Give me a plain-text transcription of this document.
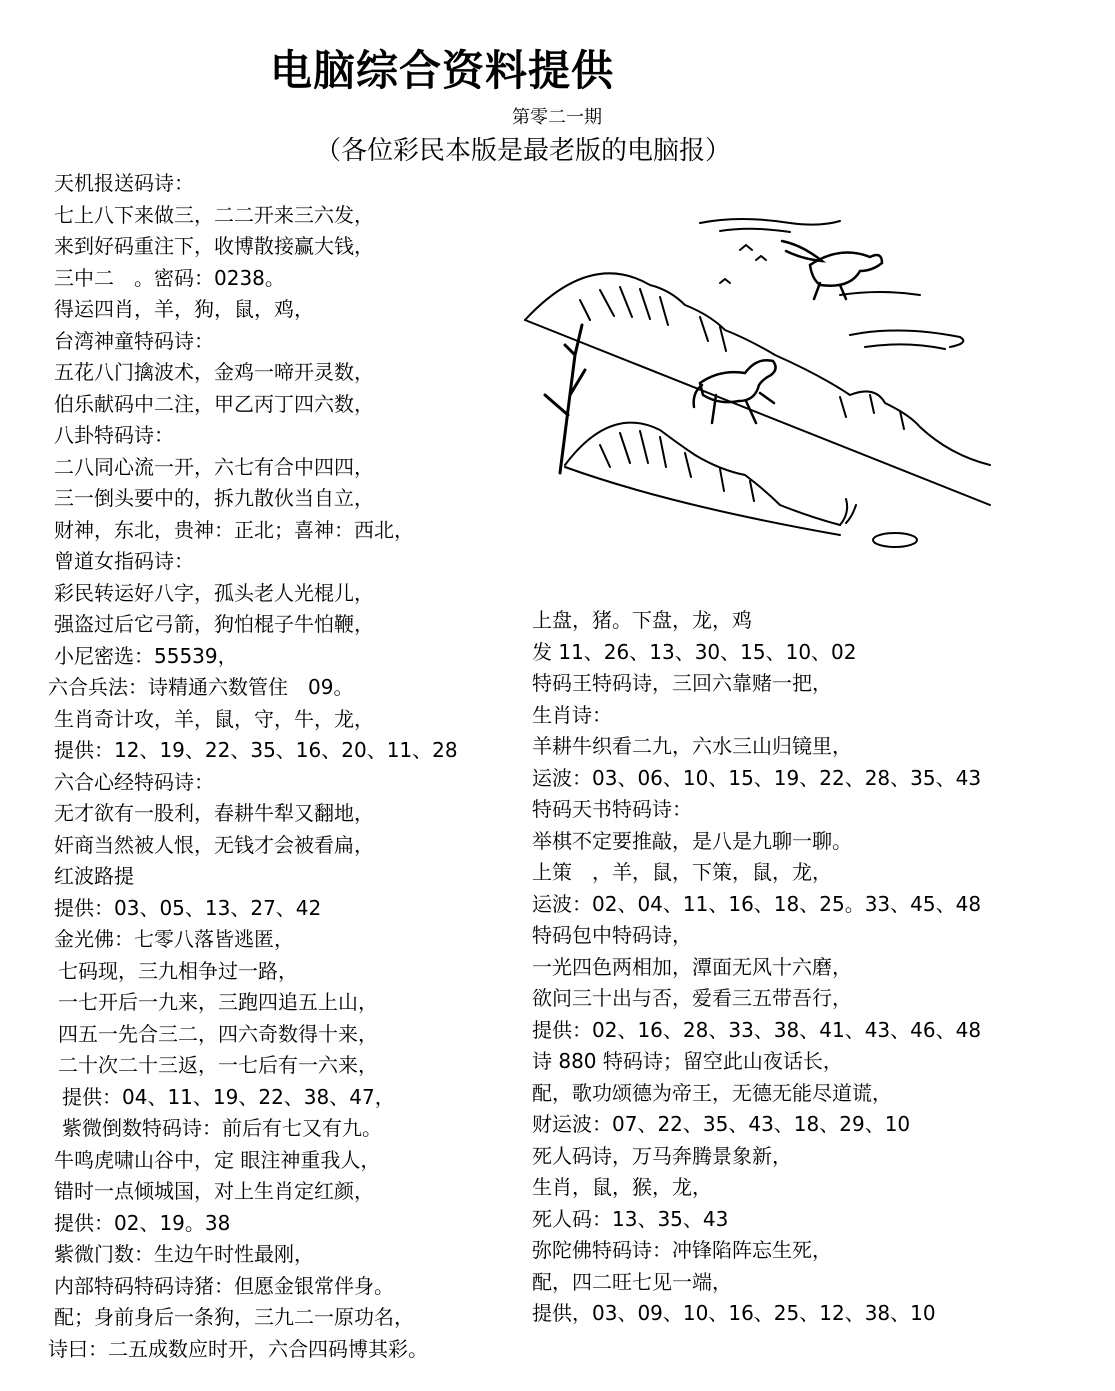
电脑综合资料提供
第零二一期
（各位彩民本版是最老版的电脑报）
天机报送码诗：
七上八下来做三，二二开来三六发，
来到好码重注下，收博散接赢大钱，
三中二　。密码：0238。
得运四肖，羊，狗，鼠，鸡，
台湾神童特码诗：
五花八门擒波术，金鸡一啼开灵数，
伯乐献码中二注，甲乙丙丁四六数，
八卦特码诗：
二八同心流一开，六七有合中四四，
三一倒头要中的，拆九散伙当自立，
财神，东北，贵神：正北；喜神：西北，
曾道女指码诗：
彩民转运好八字，孤头老人光棍儿，
强盗过后它弓箭，狗怕棍子牛怕鞭，
小尼密选：55539，
六合兵法：诗精通六数管住　09。
生肖奇计攻，羊，鼠，守，牛，龙，
提供：12、19、22、35、16、20、11、28
六合心经特码诗：
无才欲有一股利，春耕牛犁又翻地，
奸商当然被人恨，无钱才会被看扁，
红波路提
提供：03、05、13、27、42
金光佛：七零八落皆逃匿，
七码现，三九相争过一路，
一七开后一九来，三跑四追五上山，
四五一先合三二，四六奇数得十来，
二十次二十三返，一七后有一六来，
提供：04、11、19、22、38、47，
紫微倒数特码诗：前后有七又有九。
牛鸣虎啸山谷中，定 眼注神重我人，
错时一点倾城国，对上生肖定红颜，
提供：02、19。38
紫微门数：生边午时性最刚，
内部特码特码诗猪：但愿金银常伴身。
配；身前身后一条狗，三九二一原功名，
诗曰：二五成数应时开，六合四码博其彩。
上盘，猪。下盘，龙，鸡
发 11、26、13、30、15、10、02
特码王特码诗，三回六靠赌一把，
生肖诗：
羊耕牛织看二九，六水三山归镜里，
运波：03、06、10、15、19、22、28、35、43
特码天书特码诗：
举棋不定要推敲，是八是九聊一聊。
上策　，羊，鼠，下策，鼠，龙，
运波：02、04、11、16、18、25。33、45、48
特码包中特码诗，
一光四色两相加，潭面无风十六磨，
欲问三十出与否，爱看三五带吾行，
提供：02、16、28、33、38、41、43、46、48
诗 880 特码诗；留空此山夜话长，
配，歌功颂德为帝王，无德无能尽道谎，
财运波：07、22、35、43、18、29、10
死人码诗，万马奔腾景象新，
生肖，鼠，猴，龙，
死人码：13、35、43
弥陀佛特码诗：冲锋陷阵忘生死，
配，四二旺七见一端，
提供，03、09、10、16、25、12、38、10
